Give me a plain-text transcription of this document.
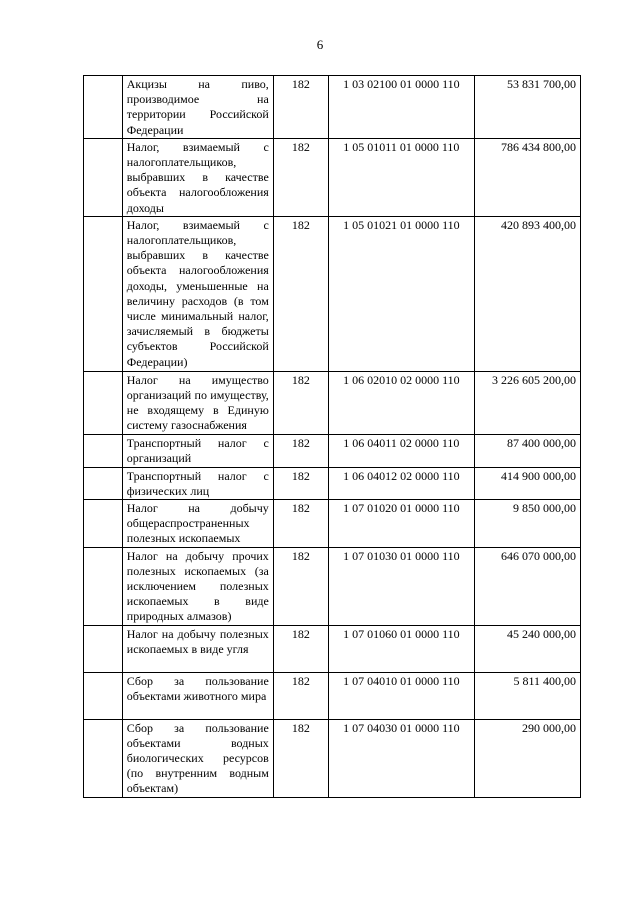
6
	Акцизы на пиво, производимое на территории Российской Федерации	182	1 03 02100 01 0000 110	53 831 700,00
	Налог, взимаемый с налогоплательщиков, выбравших в качестве объекта налогообложения доходы	182	1 05 01011 01 0000 110	786 434 800,00
	Налог, взимаемый с налогоплательщиков, выбравших в качестве объекта налогообложения доходы, уменьшенные на величину расходов (в том числе минимальный налог, зачисляемый в бюджеты субъектов Российской Федерации)	182	1 05 01021 01 0000 110	420 893 400,00
	Налог на имущество организаций по имуществу, не входящему в Единую систему газоснабжения	182	1 06 02010 02 0000 110	3 226 605 200,00
	Транспортный налог с организаций	182	1 06 04011 02 0000 110	87 400 000,00
	Транспортный налог с физических лиц	182	1 06 04012 02 0000 110	414 900 000,00
	Налог на добычу общераспространенных полезных ископаемых	182	1 07 01020 01 0000 110	9 850 000,00
	Налог на добычу прочих полезных ископаемых (за исключением полезных ископаемых в виде природных алмазов)	182	1 07 01030 01 0000 110	646 070 000,00
	Налог на добычу полезных ископаемых в виде угля	182	1 07 01060 01 0000 110	45 240 000,00
	Сбор за пользование объектами животного мира	182	1 07 04010 01 0000 110	5 811 400,00
	Сбор за пользование объектами водных биологических ресурсов (по внутренним водным объектам)	182	1 07 04030 01 0000 110	290 000,00
